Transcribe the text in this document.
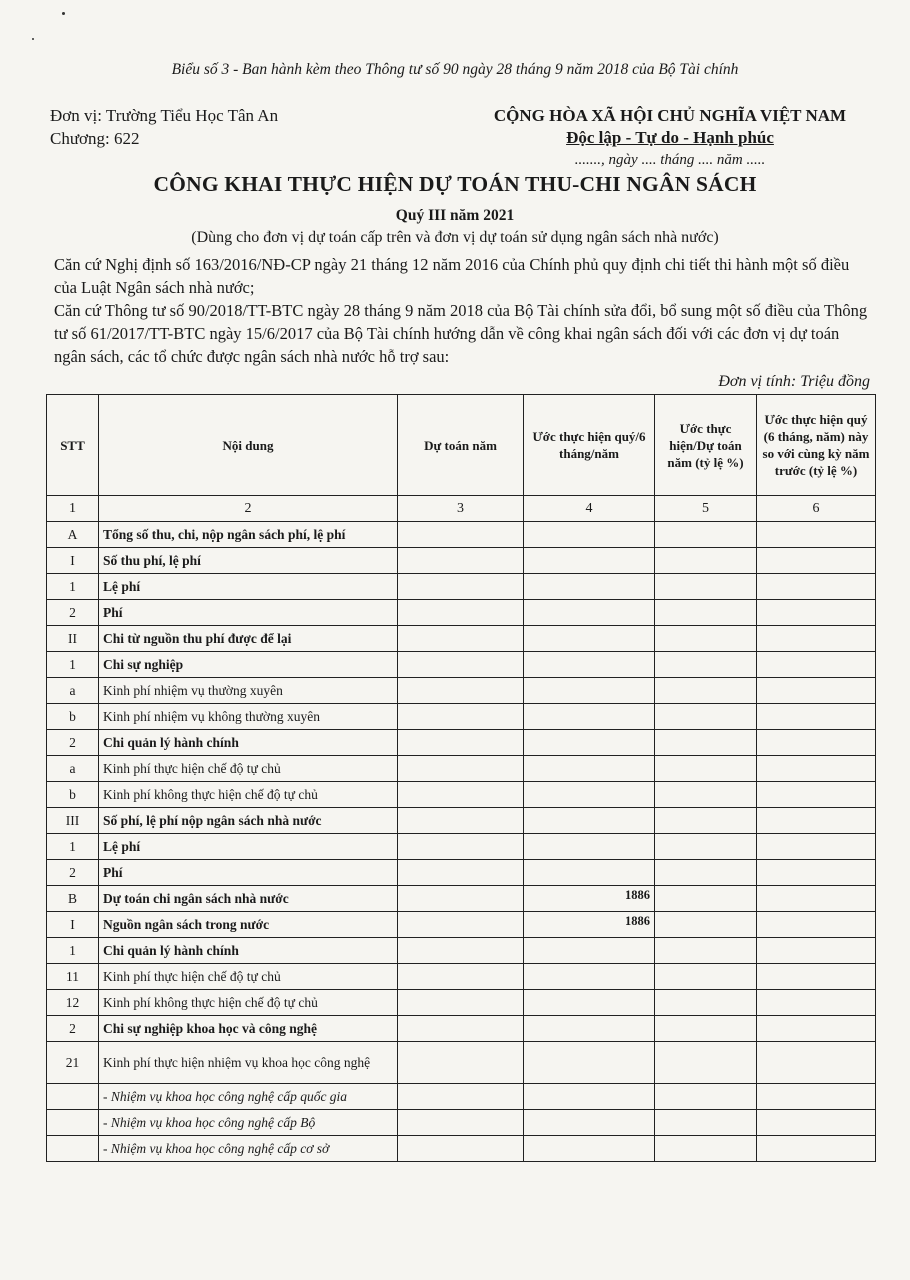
Biểu số 3 - Ban hành kèm theo Thông tư số 90 ngày 28 tháng 9 năm 2018 của Bộ Tài chính
Đơn vị: Trường Tiểu Học Tân An
Chương: 622
CỘNG HÒA XÃ HỘI CHỦ NGHĨA VIỆT NAM
Độc lập - Tự do - Hạnh phúc
......., ngày .... tháng .... năm .....
CÔNG KHAI THỰC HIỆN DỰ TOÁN THU-CHI NGÂN SÁCH
Quý III năm 2021
(Dùng cho đơn vị dự toán cấp trên và đơn vị dự toán sử dụng ngân sách nhà nước)

Căn cứ Nghị định số 163/2016/NĐ-CP ngày 21 tháng 12 năm 2016 của Chính phủ quy định chi tiết thi hành một số điều của Luật Ngân sách nhà nước;

Căn cứ Thông tư số 90/2018/TT-BTC ngày 28 tháng 9 năm 2018 của Bộ Tài chính sửa đổi, bổ sung một số điều của Thông tư số 61/2017/TT-BTC ngày 15/6/2017 của Bộ Tài chính hướng dẫn về công khai ngân sách đối với các đơn vị dự toán ngân sách, các tổ chức được ngân sách nhà nước hỗ trợ sau:

Đơn vị tính: Triệu đồng
STT	Nội dung	Dự toán năm	Ước thực hiện quý/6 tháng/năm	Ước thực hiện/Dự toán năm (tỷ lệ %)	Ước thực hiện quý (6 tháng, năm) này so với cùng kỳ năm trước (tỷ lệ %)
1	2	3	4	5	6
A	Tổng số thu, chi, nộp ngân sách phí, lệ phí				
I	Số thu phí, lệ phí				
1	Lệ phí				
2	Phí				
II	Chi từ nguồn thu phí được để lại				
1	Chi sự nghiệp				
a	Kinh phí nhiệm vụ thường xuyên				
b	Kinh phí nhiệm vụ không thường xuyên				
2	Chi quản lý hành chính				
a	Kinh phí thực hiện chế độ tự chủ				
b	Kinh phí không thực hiện chế độ tự chủ				
III	Số phí, lệ phí nộp ngân sách nhà nước				
1	Lệ phí				
2	Phí				
B	Dự toán chi ngân sách nhà nước		1886		
I	Nguồn ngân sách trong nước		1886		
1	Chi quản lý hành chính				
11	Kinh phí thực hiện chế độ tự chủ				
12	Kinh phí không thực hiện chế độ tự chủ				
2	Chi sự nghiệp khoa học và công nghệ				
21	Kinh phí thực hiện nhiệm vụ khoa học công nghệ				
	- Nhiệm vụ khoa học công nghệ cấp quốc gia				
	- Nhiệm vụ khoa học công nghệ cấp Bộ				
	- Nhiệm vụ khoa học công nghệ cấp cơ sở				
